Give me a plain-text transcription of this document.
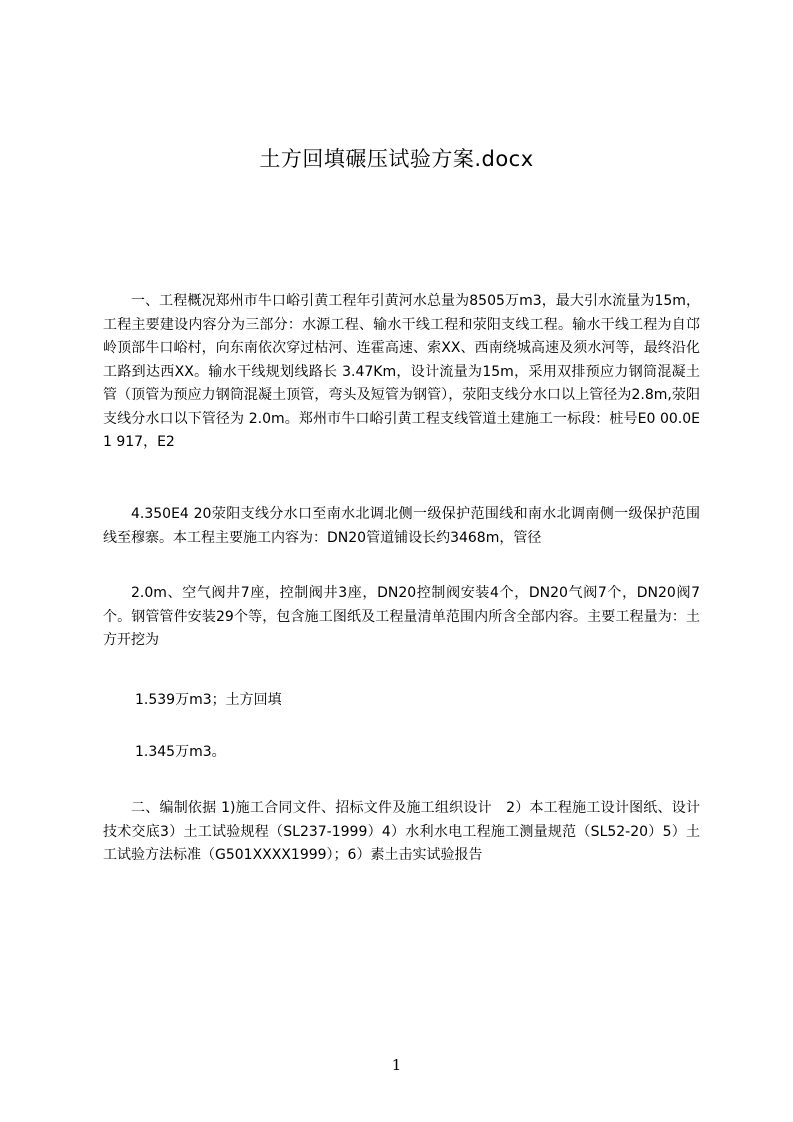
土方回填碾压试验方案.docx

一、工程概况郑州市牛口峪引黄工程年引黄河水总量为8505万m3，最大引水流量为15m，工程主要建设内容分为三部分：水源工程、输水干线工程和荥阳支线工程。输水干线工程为自邙岭顶部牛口峪村，向东南依次穿过枯河、连霍高速、索XX、西南绕城高速及须水河等，最终沿化工路到达西XX。输水干线规划线路长 3.47Km，设计流量为15m，采用双排预应力钢筒混凝土管（顶管为预应力钢筒混凝土顶管，弯头及短管为钢管），荥阳支线分水口以上管径为2.8m,荥阳支线分水口以下管径为 2.0m。郑州市牛口峪引黄工程支线管道土建施工一标段：桩号E0 00.0E1 917，E2

4.350E4 20荥阳支线分水口至南水北调北侧一级保护范围线和南水北调南侧一级保护范围线至穆寨。本工程主要施工内容为：DN20管道铺设长约3468m，管径

2.0m、空气阀井7座，控制阀井3座，DN20控制阀安装4个，DN20气阀7个，DN20阀7个。钢管管件安装29个等，包含施工图纸及工程量清单范围内所含全部内容。主要工程量为：土方开挖为

1.539万m3；土方回填

1.345万m3。

二、编制依据 1)施工合同文件、招标文件及施工组织设计　2）本工程施工设计图纸、设计技术交底3）土工试验规程（SL237-1999）4）水利水电工程施工测量规范（SL52-20）5）土工试验方法标准（G501XXXX1999）；6）素土击实试验报告

1
